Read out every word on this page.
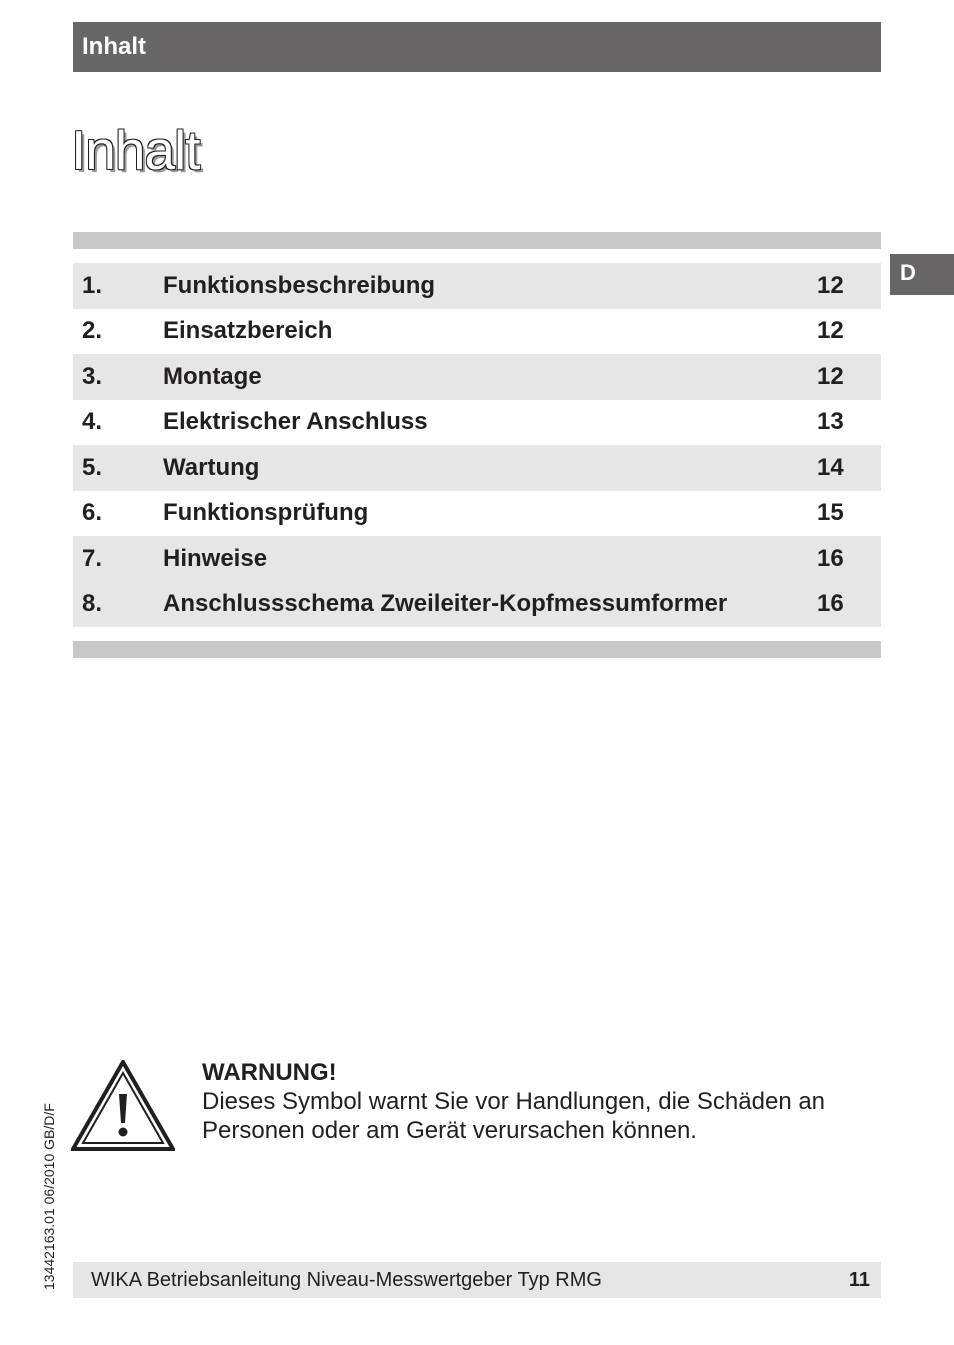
Inhalt
Inhalt
D
1.	Funktionsbeschreibung	12
2.	Einsatzbereich	12
3.	Montage	12
4.	Elektrischer Anschluss	13
5.	Wartung	14
6.	Funktionsprüfung	15
7.	Hinweise	16
8.	Anschlussschema Zweileiter-Kopfmessumformer	16
WARNUNG!
Dieses Symbol warnt Sie vor Handlungen, die Schäden an Personen oder am Gerät verursachen können.
13442163.01 06/2010 GB/D/F WIKA Betriebsanleitung Niveau-Messwertgeber Typ RMG	11
